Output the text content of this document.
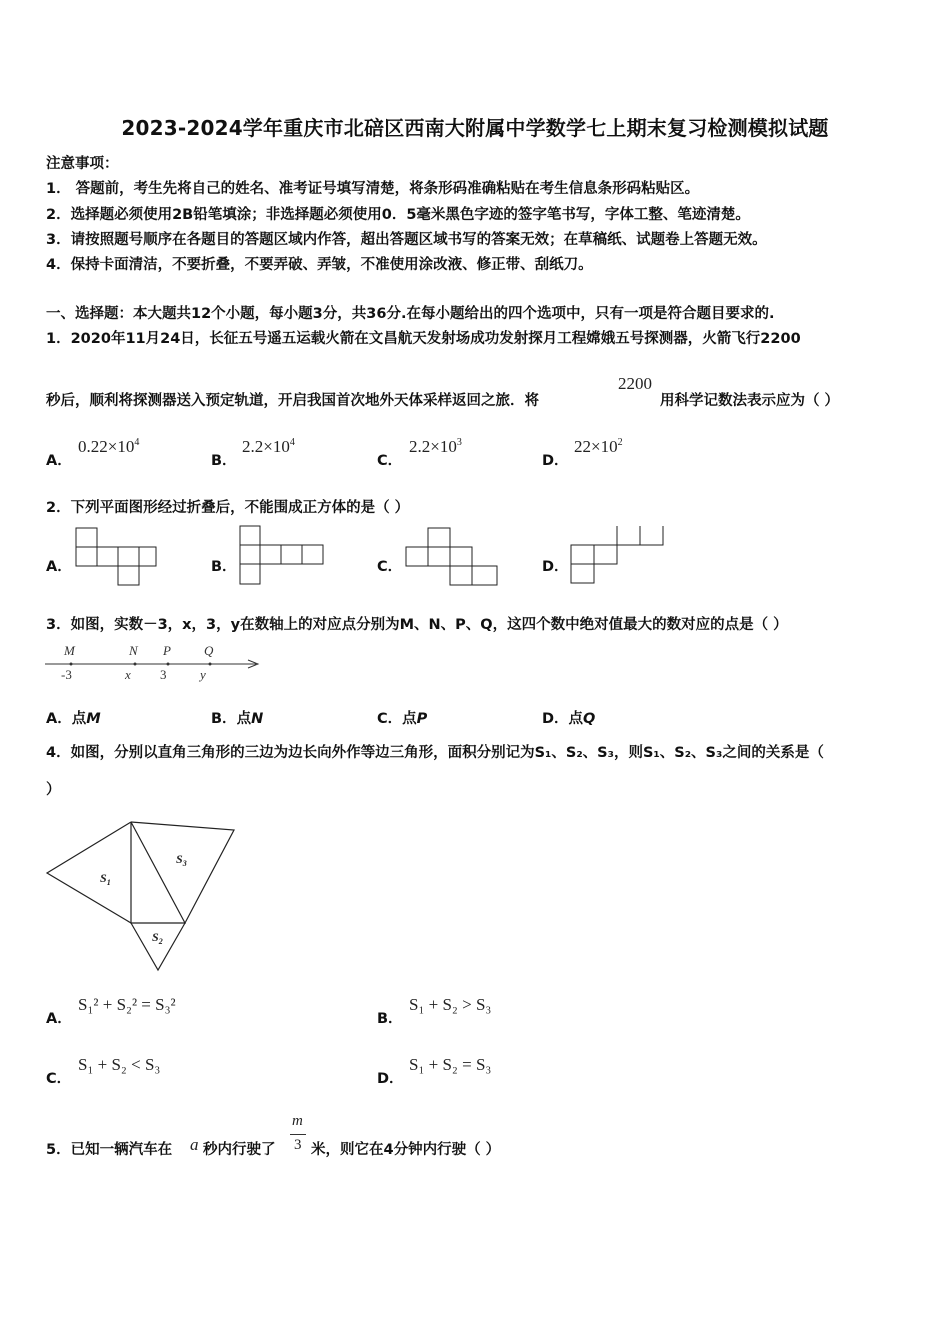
2023-2024学年重庆市北碚区西南大附属中学数学七上期末复习检测模拟试题
注意事项：
1． 答题前，考生先将自己的姓名、准考证号填写清楚，将条形码准确粘贴在考生信息条形码粘贴区。
2．选择题必须使用2B铅笔填涂；非选择题必须使用0．5毫米黑色字迹的签字笔书写，字体工整、笔迹清楚。
3．请按照题号顺序在各题目的答题区域内作答，超出答题区域书写的答案无效；在草稿纸、试题卷上答题无效。
4．保持卡面清洁，不要折叠，不要弄破、弄皱，不准使用涂改液、修正带、刮纸刀。
一、选择题：本大题共12个小题，每小题3分，共36分.在每小题给出的四个选项中，只有一项是符合题目要求的.
1．2020年11月24日，长征五号遥五运载火箭在文昌航天发射场成功发射探月工程嫦娥五号探测器，火箭飞行2200
秒后，顺利将探测器送入预定轨道，开启我国首次地外天体采样返回之旅．将
2200
用科学记数法表示应为（ ）
A．
$0.22\times 10^4$
B．
$2.2\times 10^4$
C．
$2.2\times 10^3$
D．
$22\times 10^2$
2．下列平面图形经过折叠后，不能围成正方体的是（ ）
A．	B．	C．	D．
3．如图，实数－3，x，3，y在数轴上的对应点分别为M、N、P、Q，这四个数中绝对值最大的数对应的点是（ ）
M	N P	Q
-3	x 3	y
A．点M	B．点N	C．点P	D．点Q
4．如图，分别以直角三角形的三边为边长向外作等边三角形，面积分别记为S₁、S₂、S₃，则S₁、S₂、S₃之间的关系是（
）
$S_1$
$S_3$
$S_2$
A．
S₁² + S₂² = S₃²
B．
S₁ + S₂ > S₃
C．
S₁ + S₂ < S₃
D．
S₁ + S₂ = S₃
5．已知一辆汽车在 a 秒内行驶了
m
3 米，则它在4分钟内行驶（ ）
